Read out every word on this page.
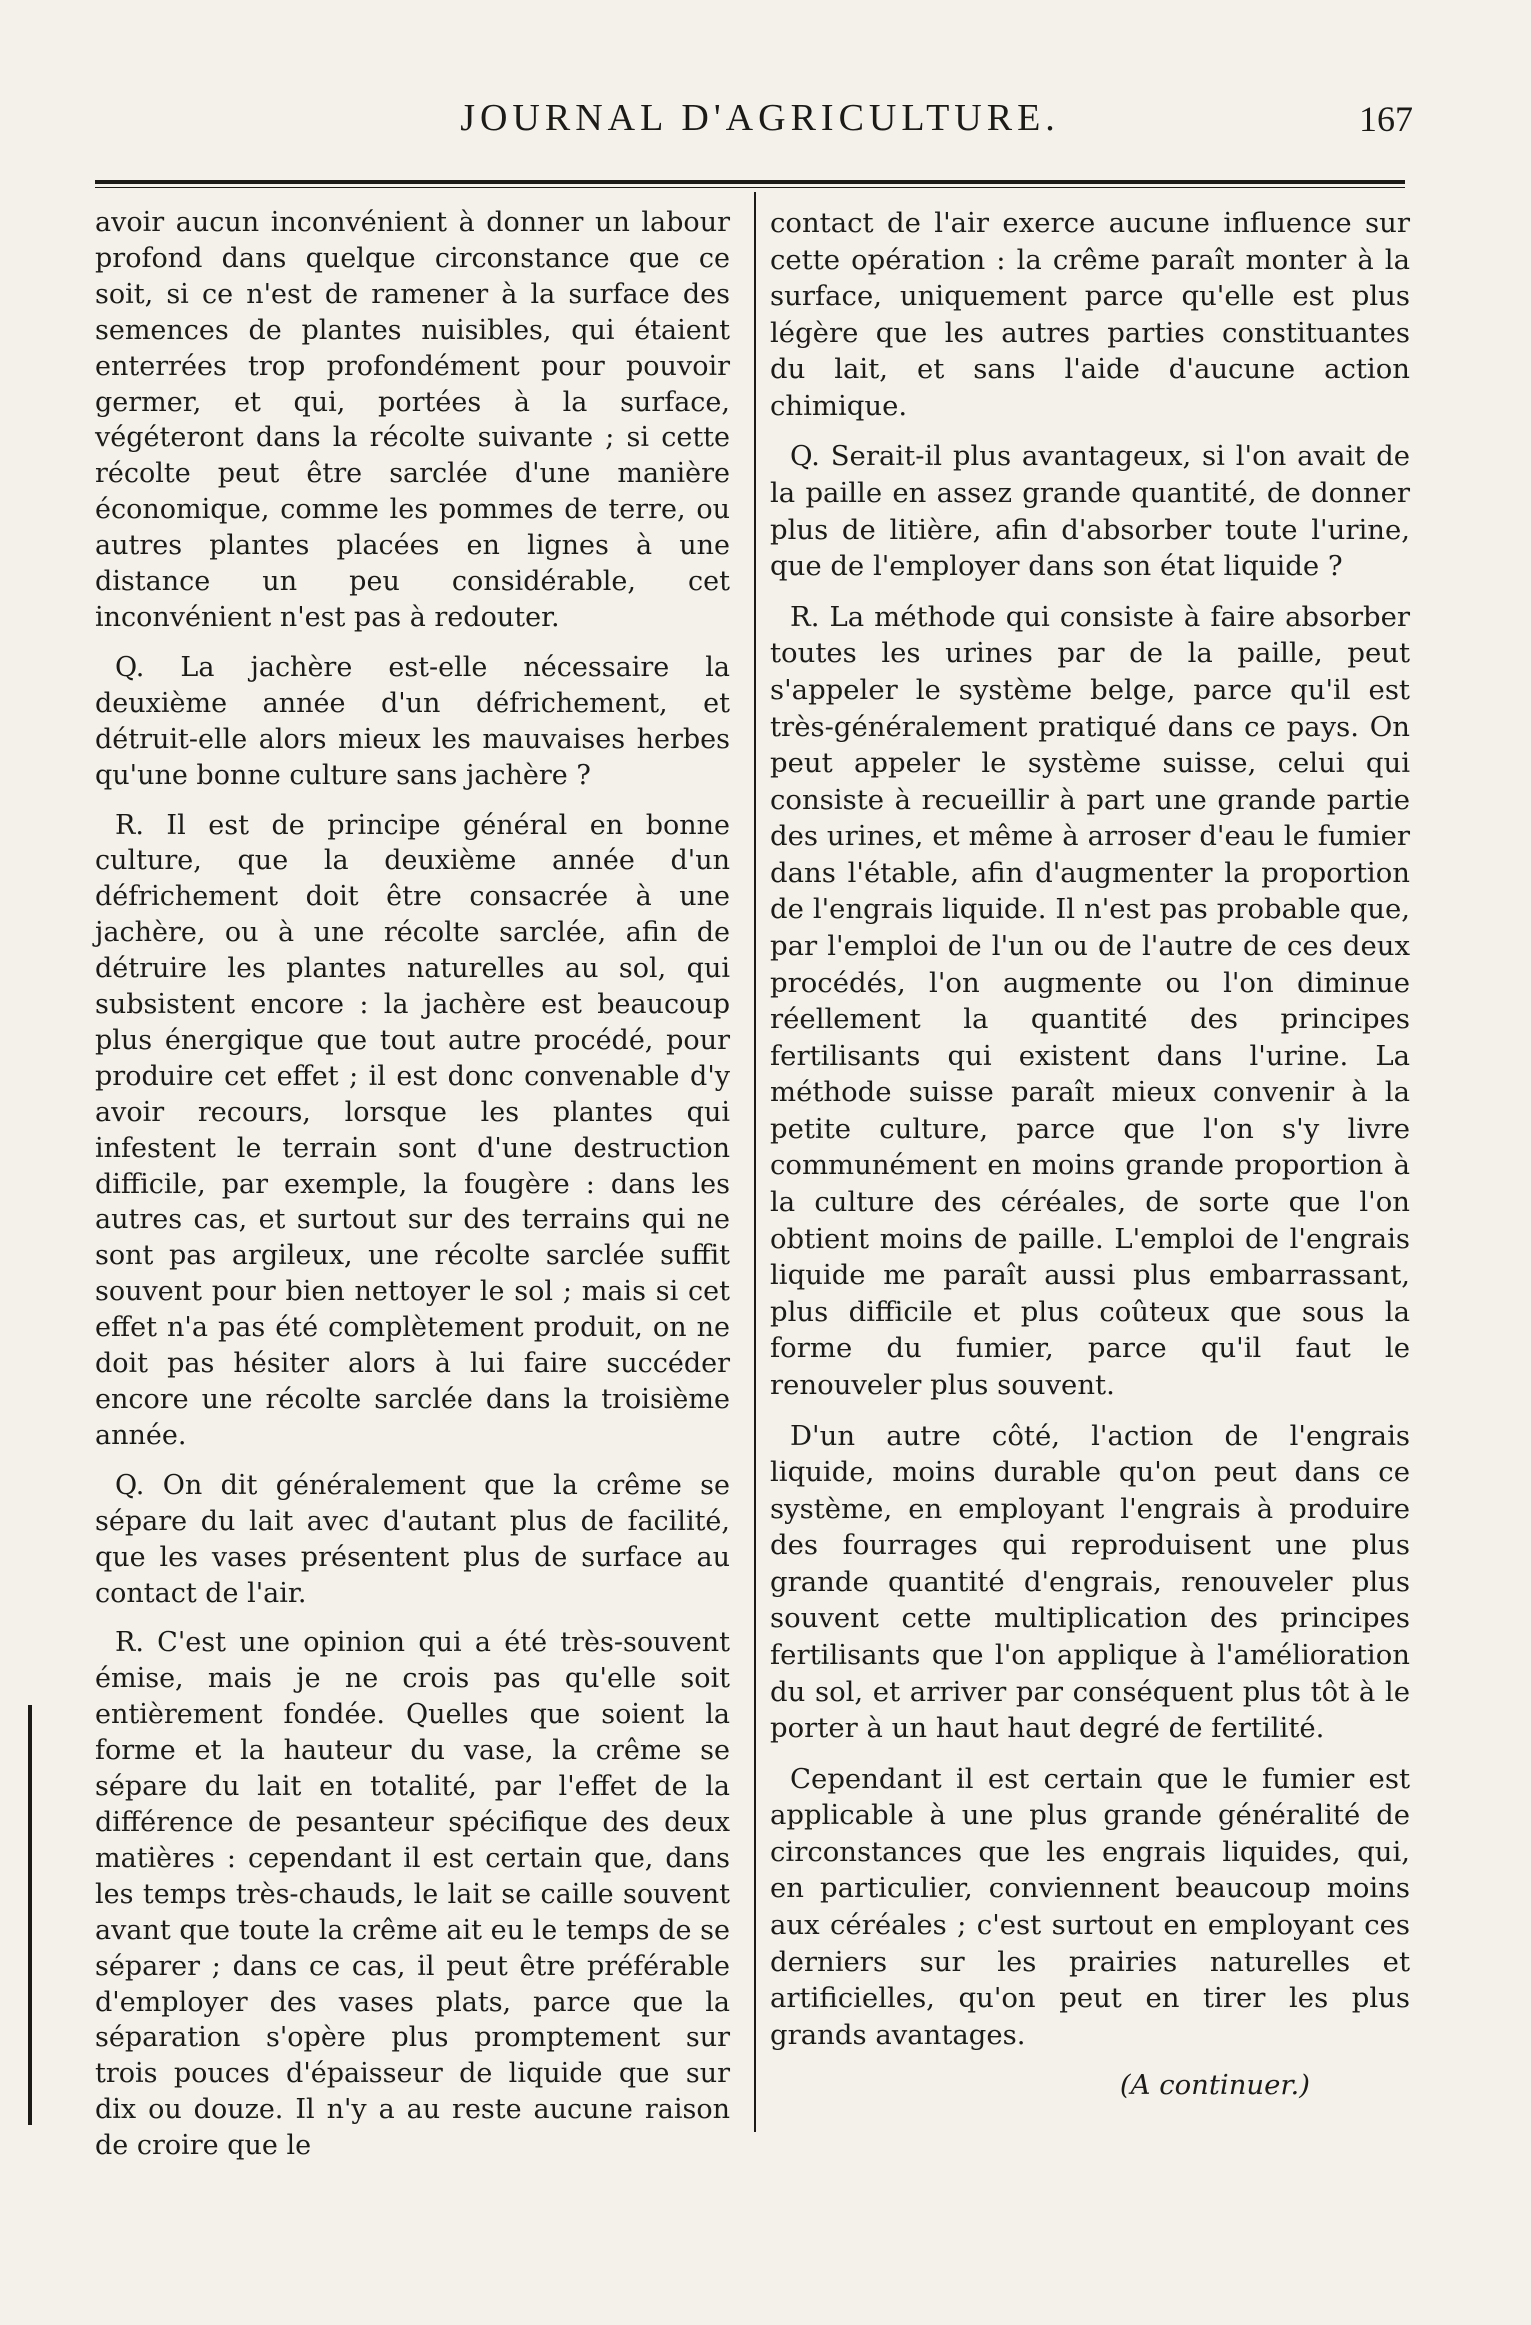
JOURNAL D'AGRICULTURE.	167

avoir aucun inconvénient à donner un labour profond dans quelque circonstance que ce soit, si ce n'est de ramener à la surface des semences de plantes nuisibles, qui étaient enterrées trop profondément pour pouvoir germer, et qui, portées à la surface, végéteront dans la récolte suivante ; si cette récolte peut être sarclée d'une manière économique, comme les pommes de terre, ou autres plantes placées en lignes à une distance un peu considérable, cet inconvénient n'est pas à redouter.

Q. La jachère est-elle nécessaire la deuxième année d'un défrichement, et détruit-elle alors mieux les mauvaises herbes qu'une bonne culture sans jachère ?

R. Il est de principe général en bonne culture, que la deuxième année d'un défrichement doit être consacrée à une jachère, ou à une récolte sarclée, afin de détruire les plantes naturelles au sol, qui subsistent encore : la jachère est beaucoup plus énergique que tout autre procédé, pour produire cet effet ; il est donc convenable d'y avoir recours, lorsque les plantes qui infestent le terrain sont d'une destruction difficile, par exemple, la fougère : dans les autres cas, et surtout sur des terrains qui ne sont pas argileux, une récolte sarclée suffit souvent pour bien nettoyer le sol ; mais si cet effet n'a pas été complètement produit, on ne doit pas hésiter alors à lui faire succéder encore une récolte sarclée dans la troisième année.

Q. On dit généralement que la crême se sépare du lait avec d'autant plus de facilité, que les vases présentent plus de surface au contact de l'air.

R. C'est une opinion qui a été très-souvent émise, mais je ne crois pas qu'elle soit entièrement fondée. Quelles que soient la forme et la hauteur du vase, la crême se sépare du lait en totalité, par l'effet de la différence de pesanteur spécifique des deux matières : cependant il est certain que, dans les temps très-chauds, le lait se caille souvent avant que toute la crême ait eu le temps de se séparer ; dans ce cas, il peut être préférable d'employer des vases plats, parce que la séparation s'opère plus promptement sur trois pouces d'épaisseur de liquide que sur dix ou douze. Il n'y a au reste aucune raison de croire que le

contact de l'air exerce aucune influence sur cette opération : la crême paraît monter à la surface, uniquement parce qu'elle est plus légère que les autres parties constituantes du lait, et sans l'aide d'aucune action chimique.

Q. Serait-il plus avantageux, si l'on avait de la paille en assez grande quantité, de donner plus de litière, afin d'absorber toute l'urine, que de l'employer dans son état liquide ?

R. La méthode qui consiste à faire absorber toutes les urines par de la paille, peut s'appeler le système belge, parce qu'il est très-généralement pratiqué dans ce pays. On peut appeler le système suisse, celui qui consiste à recueillir à part une grande partie des urines, et même à arroser d'eau le fumier dans l'étable, afin d'augmenter la proportion de l'engrais liquide. Il n'est pas probable que, par l'emploi de l'un ou de l'autre de ces deux procédés, l'on augmente ou l'on diminue réellement la quantité des principes fertilisants qui existent dans l'urine. La méthode suisse paraît mieux convenir à la petite culture, parce que l'on s'y livre communément en moins grande proportion à la culture des céréales, de sorte que l'on obtient moins de paille. L'emploi de l'engrais liquide me paraît aussi plus embarrassant, plus difficile et plus coûteux que sous la forme du fumier, parce qu'il faut le renouveler plus souvent.

D'un autre côté, l'action de l'engrais liquide, moins durable qu'on peut dans ce système, en employant l'engrais à produire des fourrages qui reproduisent une plus grande quantité d'engrais, renouveler plus souvent cette multiplication des principes fertilisants que l'on applique à l'amélioration du sol, et arriver par conséquent plus tôt à le porter à un haut haut degré de fertilité.

Cependant il est certain que le fumier est applicable à une plus grande généralité de circonstances que les engrais liquides, qui, en particulier, conviennent beaucoup moins aux céréales ; c'est surtout en employant ces derniers sur les prairies naturelles et artificielles, qu'on peut en tirer les plus grands avantages.

(A continuer.)
